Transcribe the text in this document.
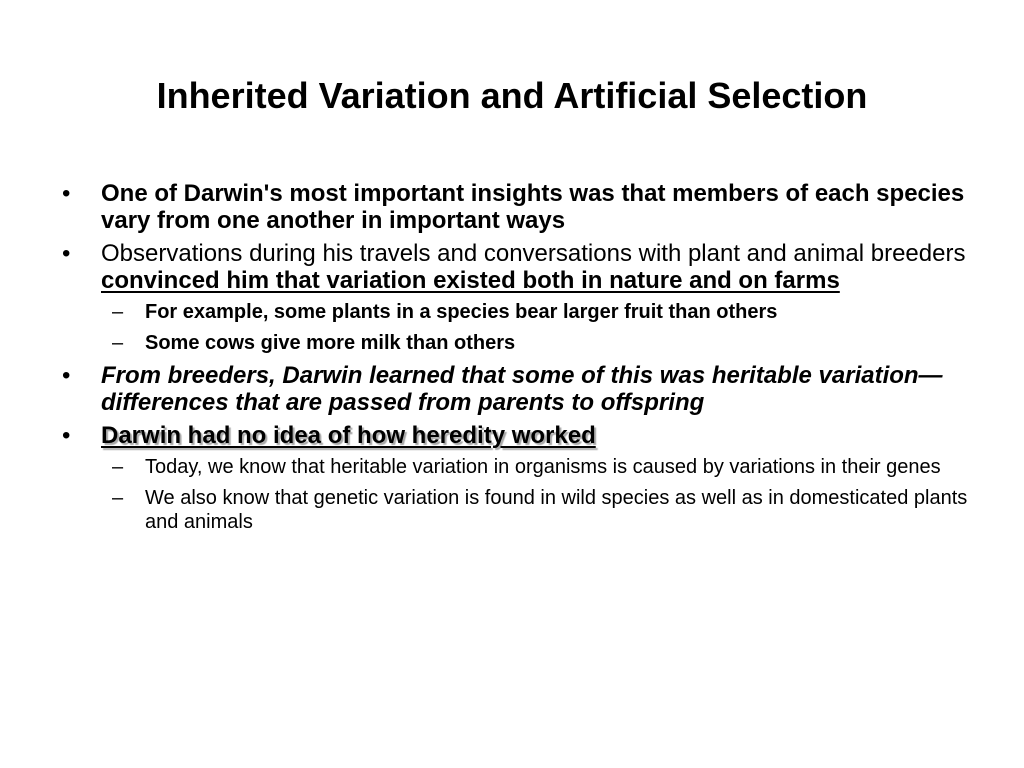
Inherited Variation and Artificial Selection
•	One of Darwin's most important insights was that members of each species vary from one another in important ways
•	Observations during his travels and conversations with plant and animal breeders convinced him that variation existed both in nature and on farms
–	For example, some plants in a species bear larger fruit than others
–	Some cows give more milk than others
•	From breeders, Darwin learned that some of this was heritable variation—differences that are passed from parents to offspring
•	Darwin had no idea of how heredity worked
–	Today, we know that heritable variation in organisms is caused by variations in their genes
–	We also know that genetic variation is found in wild species as well as in domesticated plants and animals
